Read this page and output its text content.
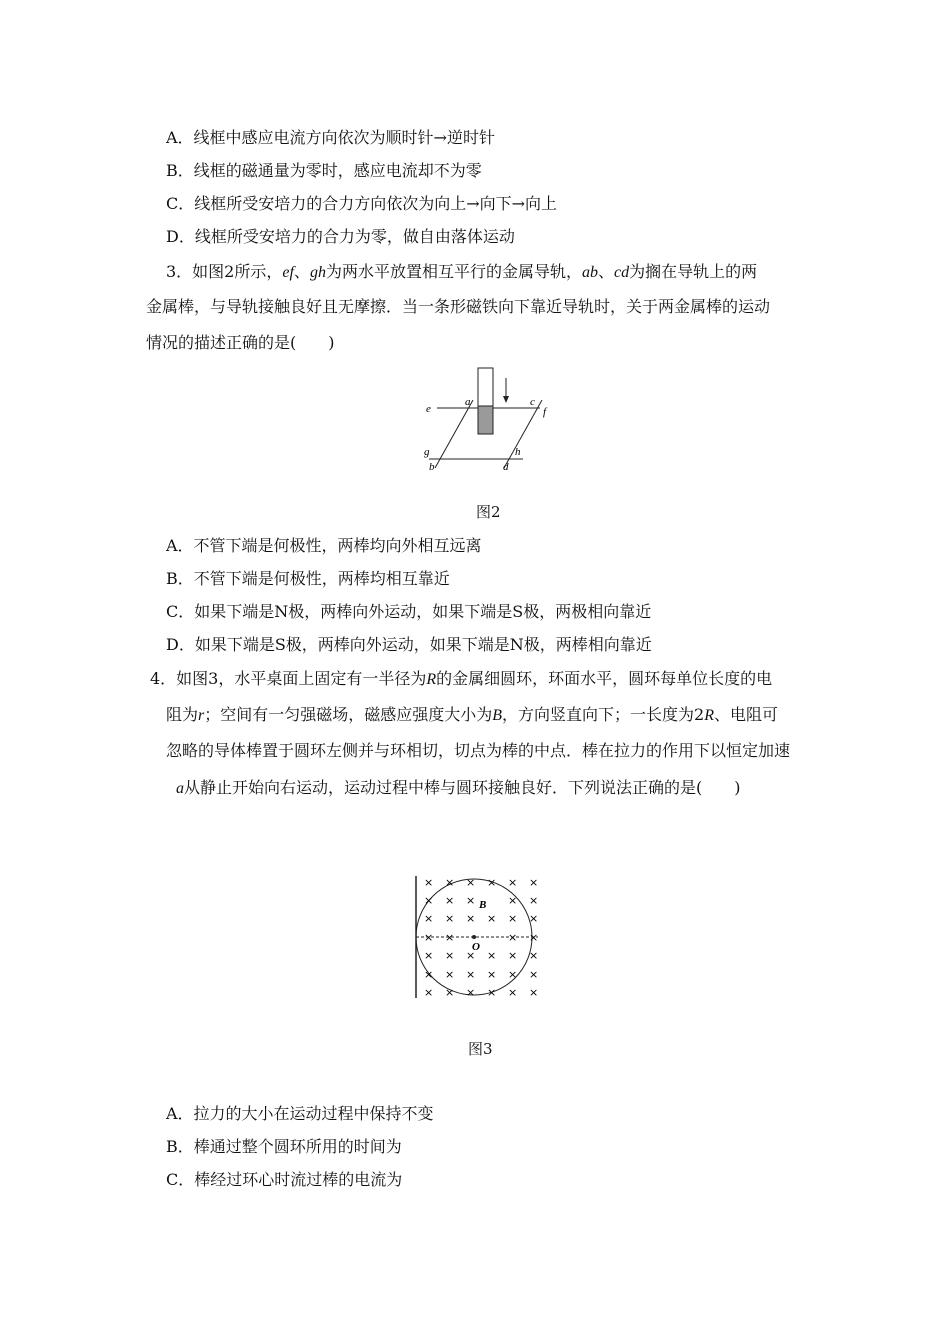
A．线框中感应电流方向依次为顺时针→逆时针
B．线框的磁通量为零时，感应电流却不为零
C．线框所受安培力的合力方向依次为向上→向下→向上
D．线框所受安培力的合力为零，做自由落体运动
3．如图2所示，ef、gh为两水平放置相互平行的金属导轨，ab、cd为搁在导轨上的两
金属棒，与导轨接触良好且无摩擦．当一条形磁铁向下靠近导轨时，关于两金属棒的运动
情况的描述正确的是(　　)
a	c
e	f
g	h
b	d
图2
A．不管下端是何极性，两棒均向外相互远离
B．不管下端是何极性，两棒均相互靠近
C．如果下端是N极，两棒向外运动，如果下端是S极，两极相向靠近
D．如果下端是S极，两棒向外运动，如果下端是N极，两棒相向靠近
4．如图3，水平桌面上固定有一半径为R的金属细圆环，环面水平，圆环每单位长度的电
阻为r；空间有一匀强磁场，磁感应强度大小为B，方向竖直向下；一长度为2R、电阻可
忽略的导体棒置于圆环左侧并与环相切，切点为棒的中点．棒在拉力的作用下以恒定加速
a从静止开始向右运动，运动过程中棒与圆环接触良好．下列说法正确的是(　　)
× × × × × ×
× × ×	× ×
× × × × × ×
× × × × × ×
× × × × × ×
× × × × × ×
× ×	× ×
B
O
图3
A．拉力的大小在运动过程中保持不变
B．棒通过整个圆环所用的时间为
C．棒经过环心时流过棒的电流为
